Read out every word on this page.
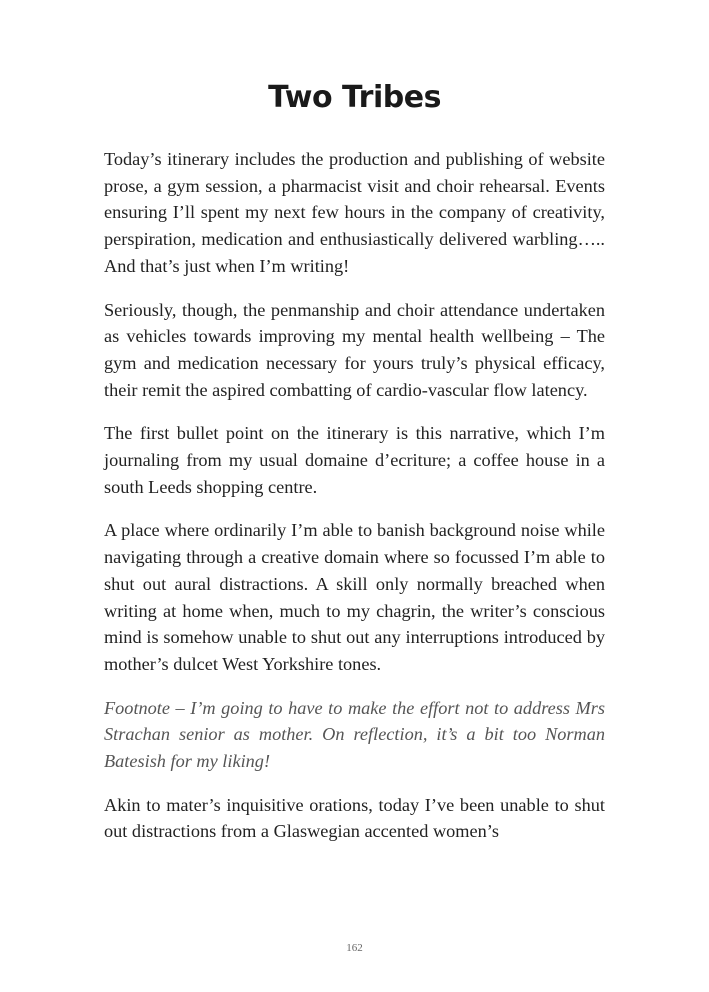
Two Tribes

Today’s itinerary includes the production and publishing of website prose, a gym session, a pharmacist visit and choir rehearsal. Events ensuring I’ll spent my next few hours in the company of creativity, perspiration, medication and enthusiastically delivered warbling….. And that’s just when I’m writing!

Seriously, though, the penmanship and choir attendance undertaken as vehicles towards improving my mental health wellbeing – The gym and medication necessary for yours truly’s physical efficacy, their remit the aspired combatting of cardio-vascular flow latency.

The first bullet point on the itinerary is this narrative, which I’m journaling from my usual domaine d’ecriture; a coffee house in a south Leeds shopping centre.

A place where ordinarily I’m able to banish background noise while navigating through a creative domain where so focussed I’m able to shut out aural distractions. A skill only normally breached when writing at home when, much to my chagrin, the writer’s conscious mind is somehow unable to shut out any interruptions introduced by mother’s dulcet West Yorkshire tones.

Footnote – I’m going to have to make the effort not to address Mrs Strachan senior as mother. On reflection, it’s a bit too Norman Batesish for my liking!

Akin to mater’s inquisitive orations, today I’ve been unable to shut out distractions from a Glaswegian accented women’s

162
